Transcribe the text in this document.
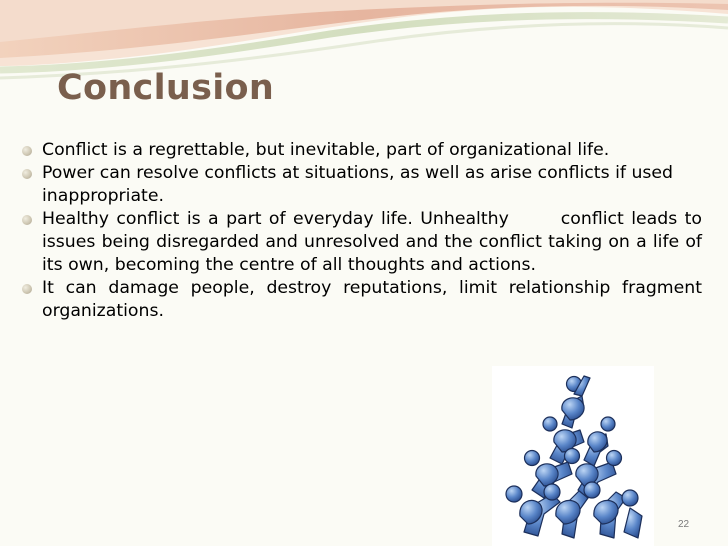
Conclusion
Conflict is a regrettable, but inevitable, part of organizational life.
Power can resolve conflicts at situations, as well as arise conflicts if used inappropriate.
Healthy conflict is a part of everyday life. Unhealthy       conflict leads to issues being disregarded and unresolved and the conflict taking on a life of its own, becoming the centre of all thoughts and actions.
It can damage people, destroy reputations, limit relationship fragment organizations.
22
